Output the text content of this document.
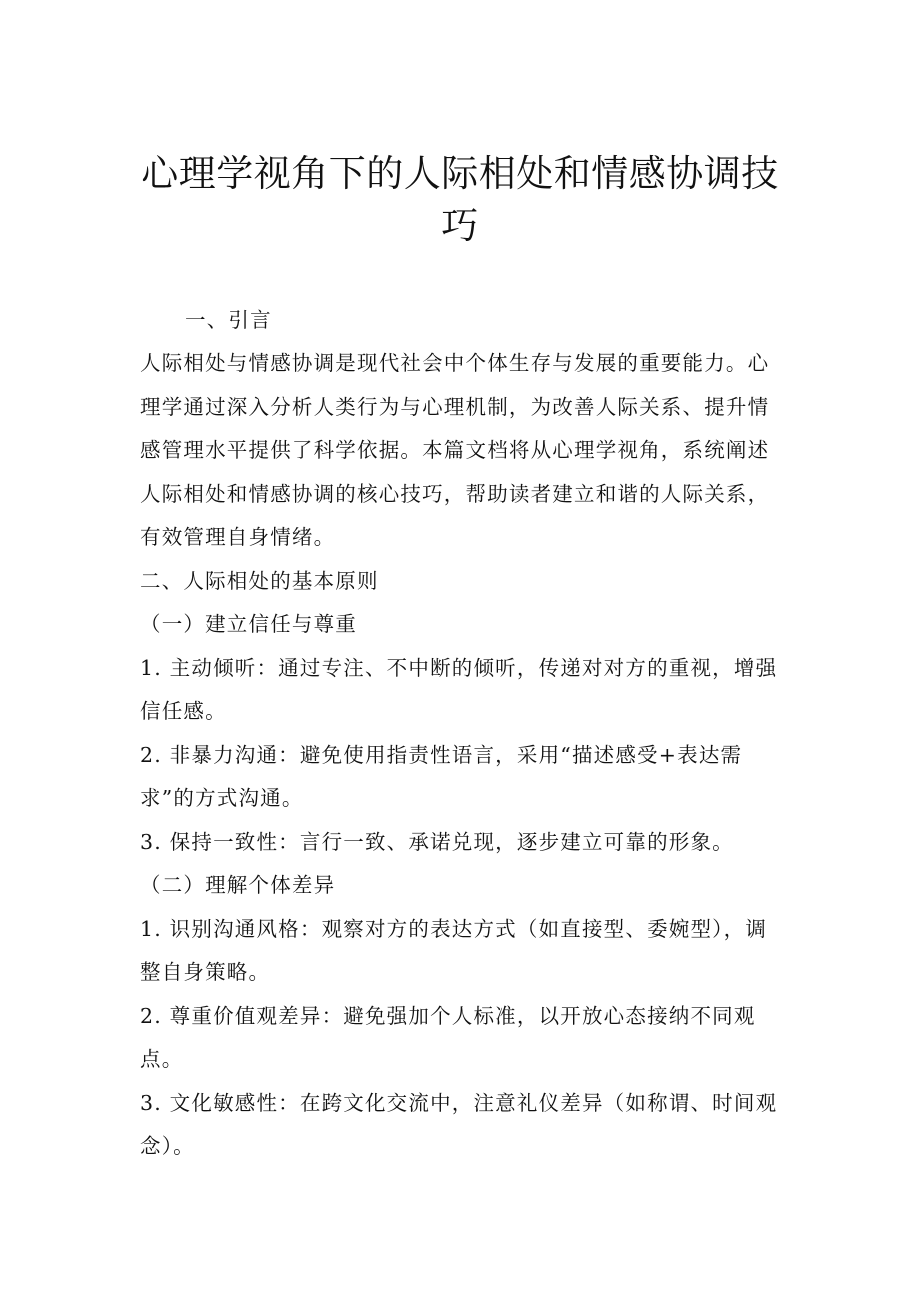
心理学视角下的人际相处和情感协调技巧
一、引言
人际相处与情感协调是现代社会中个体生存与发展的重要能力。心
理学通过深入分析人类行为与心理机制，为改善人际关系、提升情
感管理水平提供了科学依据。本篇文档将从心理学视角，系统阐述
人际相处和情感协调的核心技巧，帮助读者建立和谐的人际关系，
有效管理自身情绪。
二、人际相处的基本原则
（一）建立信任与尊重
1. 主动倾听：通过专注、不中断的倾听，传递对对方的重视，增强
信任感。
2. 非暴力沟通：避免使用指责性语言，采用“描述感受+表达需
求”的方式沟通。
3. 保持一致性：言行一致、承诺兑现，逐步建立可靠的形象。
（二）理解个体差异
1. 识别沟通风格：观察对方的表达方式（如直接型、委婉型），调
整自身策略。
2. 尊重价值观差异：避免强加个人标准，以开放心态接纳不同观
点。
3. 文化敏感性：在跨文化交流中，注意礼仪差异（如称谓、时间观
念）。
